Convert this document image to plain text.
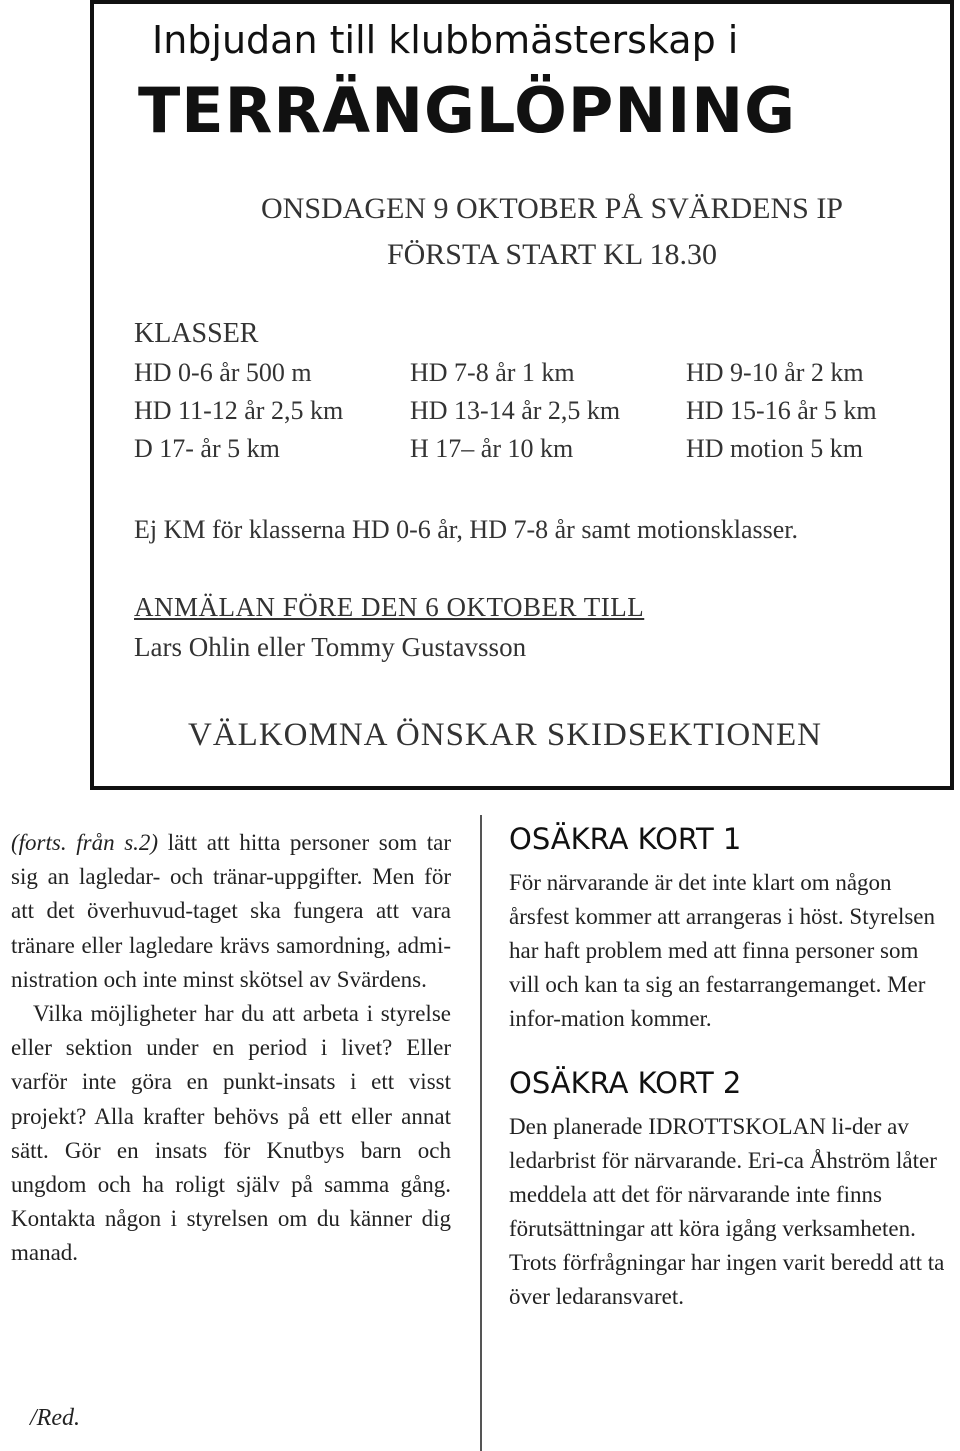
Inbjudan till klubbmästerskap i
TERRÄNGLÖPNING
ONSDAGEN 9 OKTOBER PÅ SVÄRDENS IP
FÖRSTA START KL 18.30
KLASSER
HD 0-6 år 500 m	HD 7-8 år 1 km	HD 9-10 år 2 km
HD 11-12 år 2,5 km	HD 13-14 år 2,5 km	HD 15-16 år 5 km
D 17- år 5 km	H 17– år 10 km	HD motion 5 km
Ej KM för klasserna HD 0-6 år, HD 7-8 år samt motionsklasser.
ANMÄLAN FÖRE DEN 6 OKTOBER TILL
Lars Ohlin eller Tommy Gustavsson
VÄLKOMNA ÖNSKAR SKIDSEKTIONEN

(forts. från s.2) lätt att hitta personer som tar sig an lagledar- och tränar-uppgifter. Men för att det överhuvud-taget ska fungera att vara tränare eller lagledare krävs samordning, admi-nistration och inte minst skötsel av Svärdens.

Vilka möjligheter har du att arbeta i styrelse eller sektion under en period i livet? Eller varför inte göra en punkt-insats i ett visst projekt? Alla krafter behövs på ett eller annat sätt. Gör en insats för Knutbys barn och ungdom och ha roligt själv på samma gång. Kontakta någon i styrelsen om du känner dig manad.

/Red.
OSÄKRA KORT 1

För närvarande är det inte klart om någon årsfest kommer att arrangeras i höst. Styrelsen har haft problem med att finna personer som vill och kan ta sig an festarrangemanget. Mer infor-mation kommer.

OSÄKRA KORT 2

Den planerade IDROTTSKOLAN li-der av ledarbrist för närvarande. Eri-ca Åhström låter meddela att det för närvarande inte finns förutsättningar att köra igång verksamheten. Trots förfrågningar har ingen varit beredd att ta över ledaransvaret.
